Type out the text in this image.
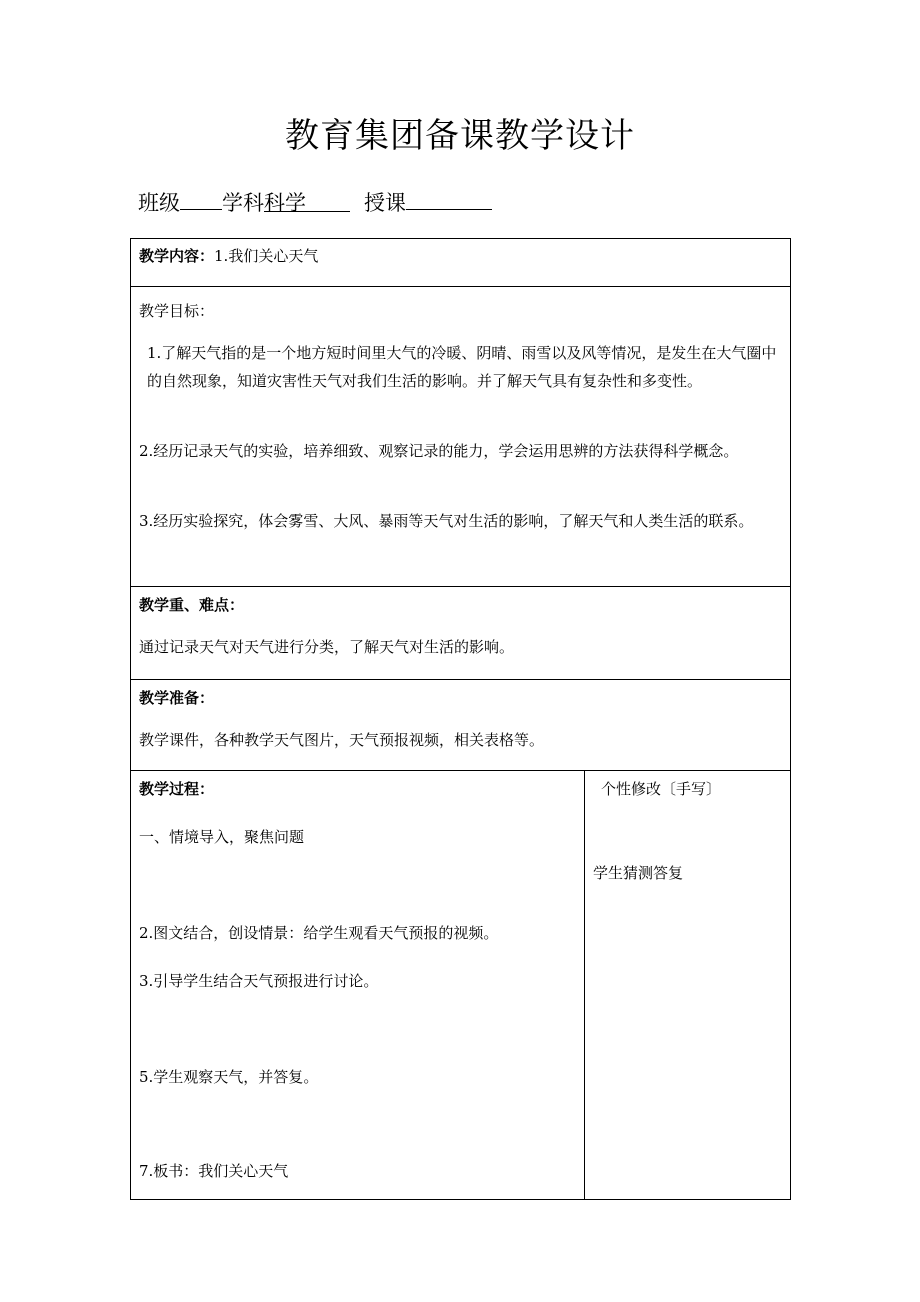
教育集团备课教学设计
班级 学科科学	授课

教学内容：1.我们关心天气

教学目标：

1.了解天气指的是一个地方短时间里大气的冷暖、阴晴、雨雪以及风等情况，是发生在大气圈中的自然现象，知道灾害性天气对我们生活的影响。并了解天气具有复杂性和多变性。

2.经历记录天气的实验，培养细致、观察记录的能力，学会运用思辨的方法获得科学概念。

3.经历实验探究，体会雾雪、大风、暴雨等天气对生活的影响，了解天气和人类生活的联系。

教学重、难点：

通过记录天气对天气进行分类，了解天气对生活的影响。

教学准备：

教学课件，各种教学天气图片，天气预报视频，相关表格等。

教学过程：

一、情境导入，聚焦问题

2.图文结合，创设情景：给学生观看天气预报的视频。

3.引导学生结合天气预报进行讨论。

5.学生观察天气，并答复。

7.板书：我们关心天气

个性修改〔手写〕

学生猜测答复
